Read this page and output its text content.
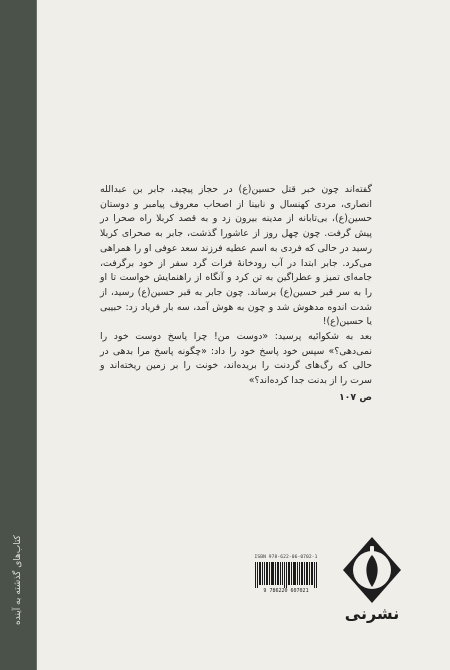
کتاب‌های گذشته به آینده

گفته‌اند چون خبر قتل حسین(ع) در حجاز پیچید، جابر بن عبدالله انصاری، مردی کهنسال و نابینا از اصحاب معروف پیامبر و دوستان حسین(ع)، بی‌تابانه از مدینه بیرون زد و به قصد کربلا راه صحرا در پیش گرفت. چون چهل روز از عاشورا گذشت، جابر به صحرای کربلا رسید در حالی که فردی به اسم عطیه فرزند سعد عوفی او را همراهی می‌کرد. جابر ابتدا در آب رودخانهٔ فرات گرد سفر از خود برگرفت، جامه‌ای تمیز و عطراگین به تن کرد و آنگاه از راهنمایش خواست تا او را به سر قبر حسین(ع) برساند. چون جابر به قبر حسین(ع) رسید، از شدت اندوه مدهوش شد و چون به هوش آمد، سه بار فریاد زد: حبیبی یا حسین(ع)!

بعد به شکوائیه پرسید: «دوست من! چرا پاسخ دوست خود را نمی‌دهی؟» سپس خود پاسخ خود را داد: «چگونه پاسخ مرا بدهی در حالی که رگ‌های گردنت را بریده‌اند، خونت را بر زمین ریخته‌اند و سرت را از بدنت جدا کرده‌اند؟»

ص ۱۰۷

ISBN 978-622-06-0702-1
9 786220 607021
نشرنی
